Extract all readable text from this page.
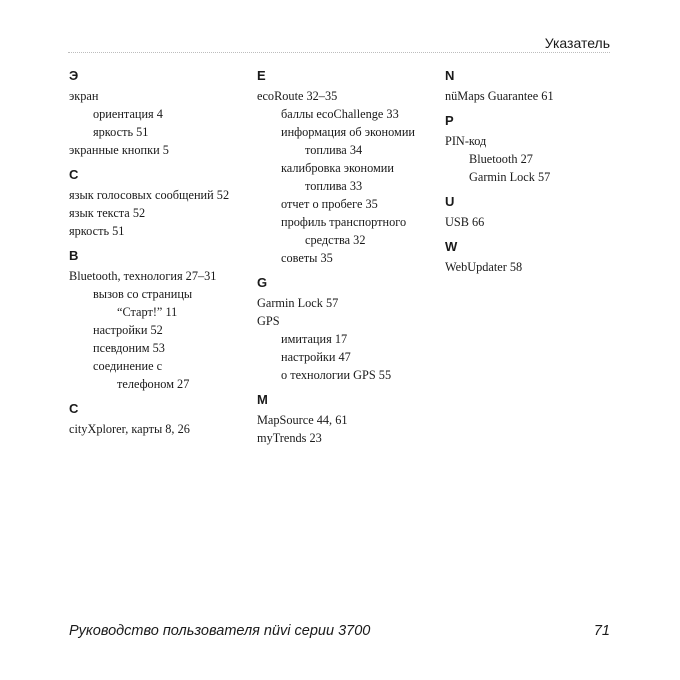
Указатель
Э
экран
ориентация 4
яркость 51
экранные кнопки 5
С
язык голосовых сообщений 52
язык текста 52
яркость 51
B
Bluetooth, технология 27–31
вызов со страницы
“Старт!” 11
настройки 52
псевдоним 53
соединение с
телефоном 27
C
cityXplorer, карты 8, 26
E
ecoRoute 32–35
баллы ecoChallenge 33
информация об экономии
топлива 34
калибровка экономии
топлива 33
отчет о пробеге 35
профиль транспортного
средства 32
советы 35
G
Garmin Lock 57
GPS
имитация 17
настройки 47
о технологии GPS 55
M
MapSource 44, 61
myTrends 23
N
nüMaps Guarantee 61
P
PIN-код
Bluetooth 27
Garmin Lock 57
U
USB 66
W
WebUpdater 58
Руководство пользователя nüvi серии 3700	71
